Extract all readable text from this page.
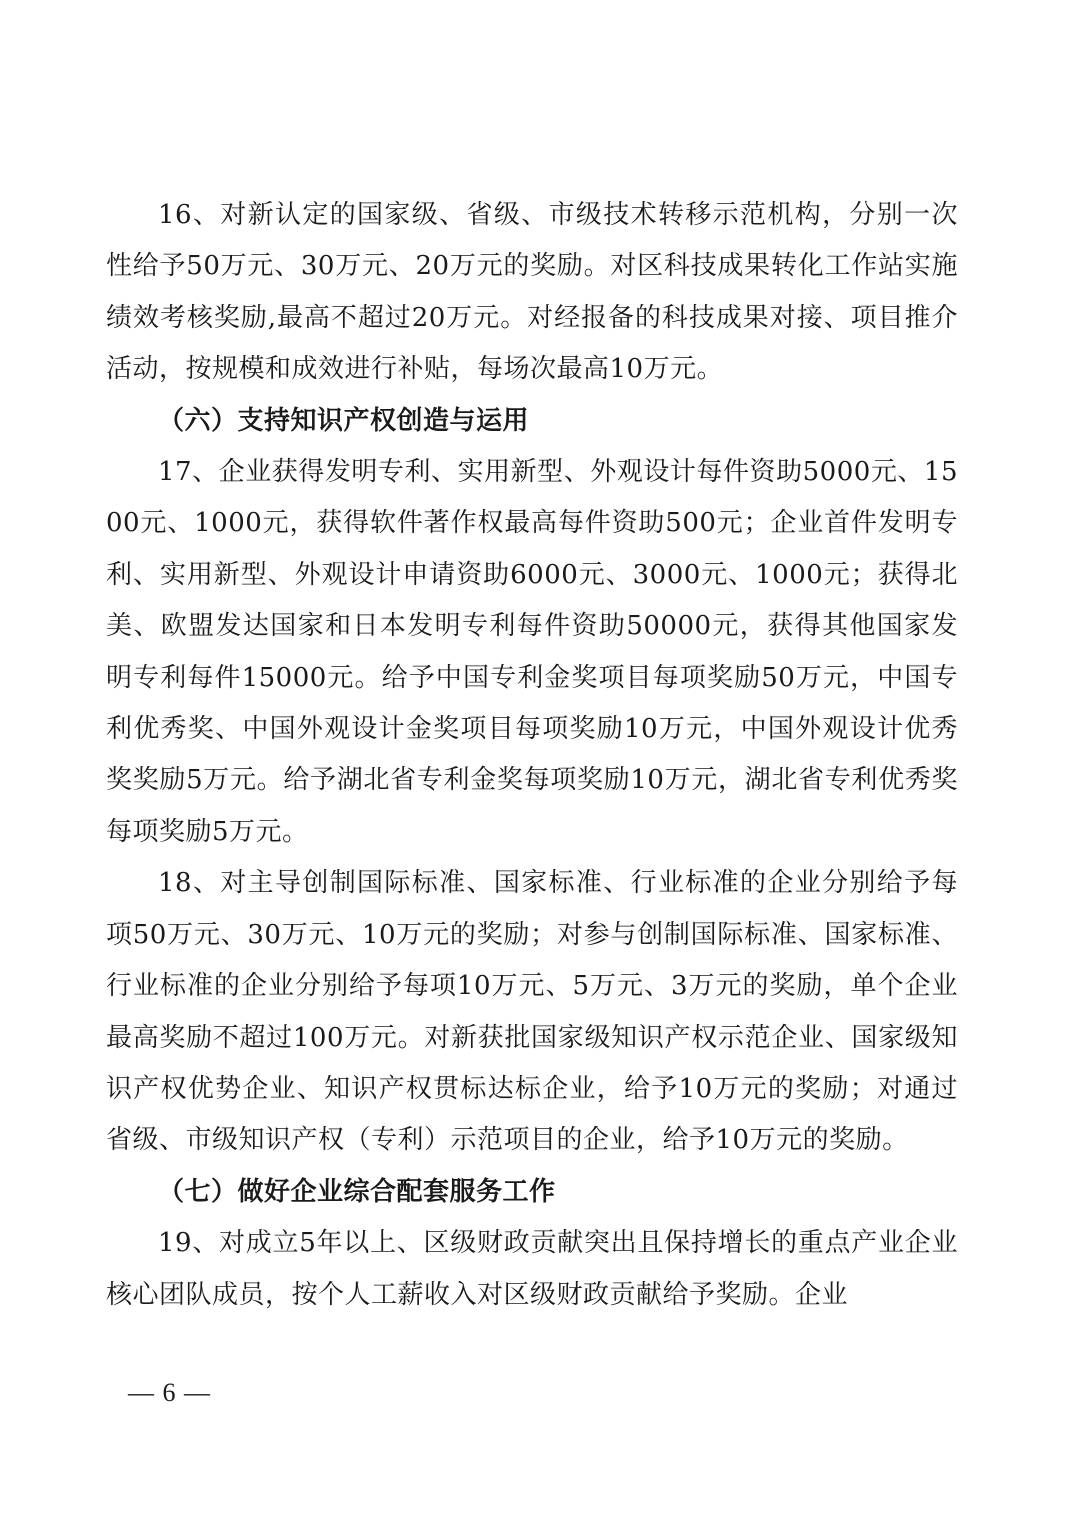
16、对新认定的国家级、省级、市级技术转移示范机构，分别一次性给予50万元、30万元、20万元的奖励。对区科技成果转化工作站实施绩效考核奖励,最高不超过20万元。对经报备的科技成果对接、项目推介活动，按规模和成效进行补贴，每场次最高10万元。

（六）支持知识产权创造与运用

17、企业获得发明专利、实用新型、外观设计每件资助5000元、1500元、1000元，获得软件著作权最高每件资助500元；企业首件发明专利、实用新型、外观设计申请资助6000元、3000元、1000元；获得北美、欧盟发达国家和日本发明专利每件资助50000元，获得其他国家发明专利每件15000元。给予中国专利金奖项目每项奖励50万元，中国专利优秀奖、中国外观设计金奖项目每项奖励10万元，中国外观设计优秀奖奖励5万元。给予湖北省专利金奖每项奖励10万元，湖北省专利优秀奖每项奖励5万元。

18、对主导创制国际标准、国家标准、行业标准的企业分别给予每项50万元、30万元、10万元的奖励；对参与创制国际标准、国家标准、行业标准的企业分别给予每项10万元、5万元、3万元的奖励，单个企业最高奖励不超过100万元。对新获批国家级知识产权示范企业、国家级知识产权优势企业、知识产权贯标达标企业，给予10万元的奖励；对通过省级、市级知识产权（专利）示范项目的企业，给予10万元的奖励。

（七）做好企业综合配套服务工作

19、对成立5年以上、区级财政贡献突出且保持增长的重点产业企业核心团队成员，按个人工薪收入对区级财政贡献给予奖励。企业

— 6 —
